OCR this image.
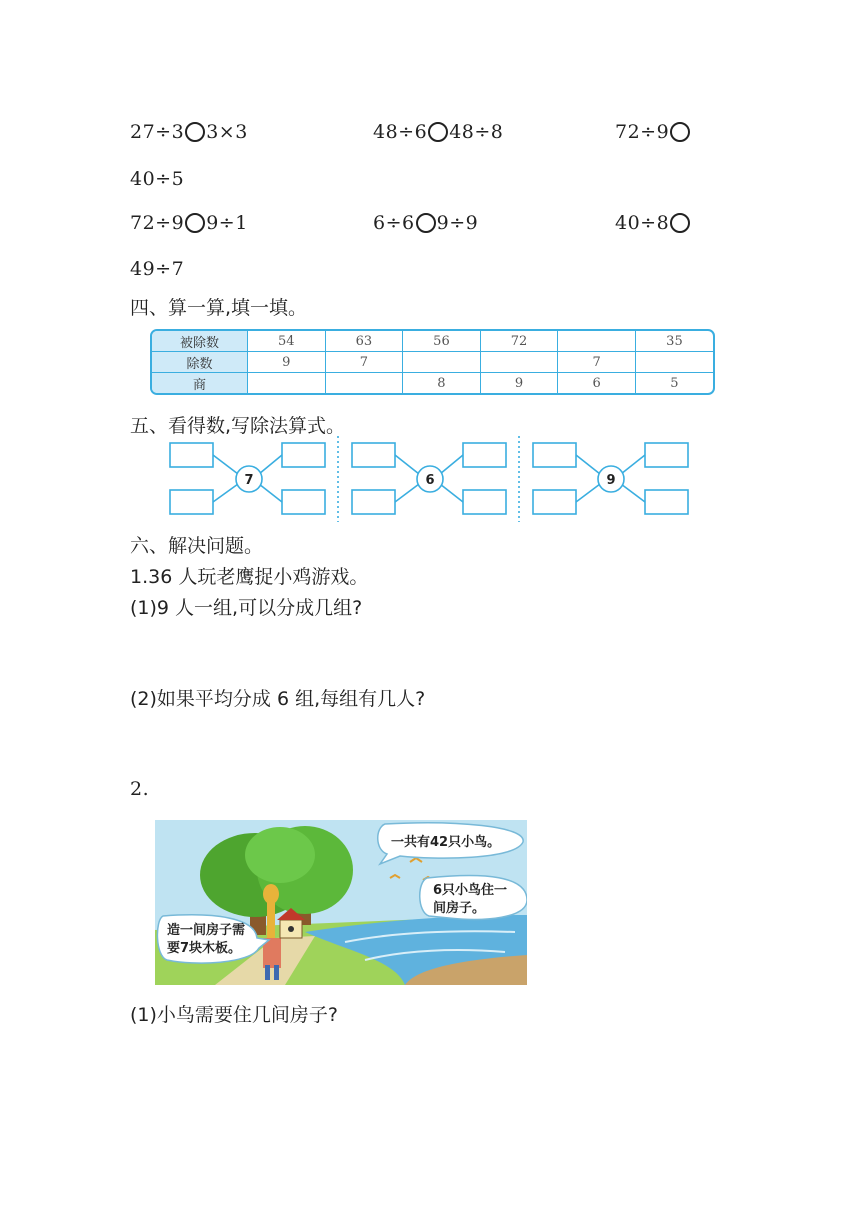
27÷3 3×3	48÷6 48÷8	72÷9
40÷5
72÷9 9÷1	6÷6 9÷9	40÷8
49÷7
四、算一算,填一填。
被除数	54	63	56	72		35
除数	9	7			7	
商			8	9	6	5
五、看得数,写除法算式。
7	6	9
六、解决问题。
1.36 人玩老鹰捉小鸡游戏。
(1)9 人一组,可以分成几组?
(2)如果平均分成 6 组,每组有几人?
2.
一共有42只小鸟。
6只小鸟住一
间房子。
造一间房子需
要7块木板。
(1)小鸟需要住几间房子?
